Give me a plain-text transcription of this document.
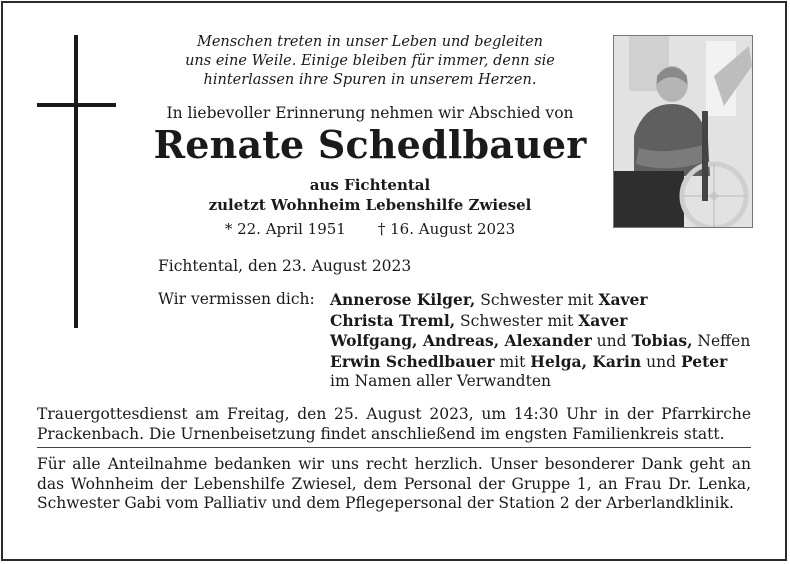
Menschen treten in unser Leben und begleiten
uns eine Weile. Einige bleiben für immer, denn sie
hinterlassen ihre Spuren in unserem Herzen.
In liebevoller Erinnerung nehmen wir Abschied von
Renate Schedlbauer
aus Fichtental
zuletzt Wohnheim Lebenshilfe Zwiesel
* 22. April 1951 † 16. August 2023
Fichtental, den 23. August 2023
Wir vermissen dich: Annerose Kilger, Schwester mit Xaver
Christa Treml, Schwester mit Xaver
Wolfgang, Andreas, Alexander und Tobias, Neffen
Erwin Schedlbauer mit Helga, Karin und Peter
im Namen aller Verwandten
Trauergottesdienst am Freitag, den 25. August 2023, um 14:30 Uhr in der Pfarrkirche Prackenbach. Die Urnenbeisetzung findet anschließend im engsten Familienkreis statt.
Für alle Anteilnahme bedanken wir uns recht herzlich. Unser besonderer Dank geht an das Wohnheim der Lebenshilfe Zwiesel, dem Personal der Gruppe 1, an Frau Dr. Lenka, Schwester Gabi vom Palliativ und dem Pflegepersonal der Station 2 der Arberlandklinik.
